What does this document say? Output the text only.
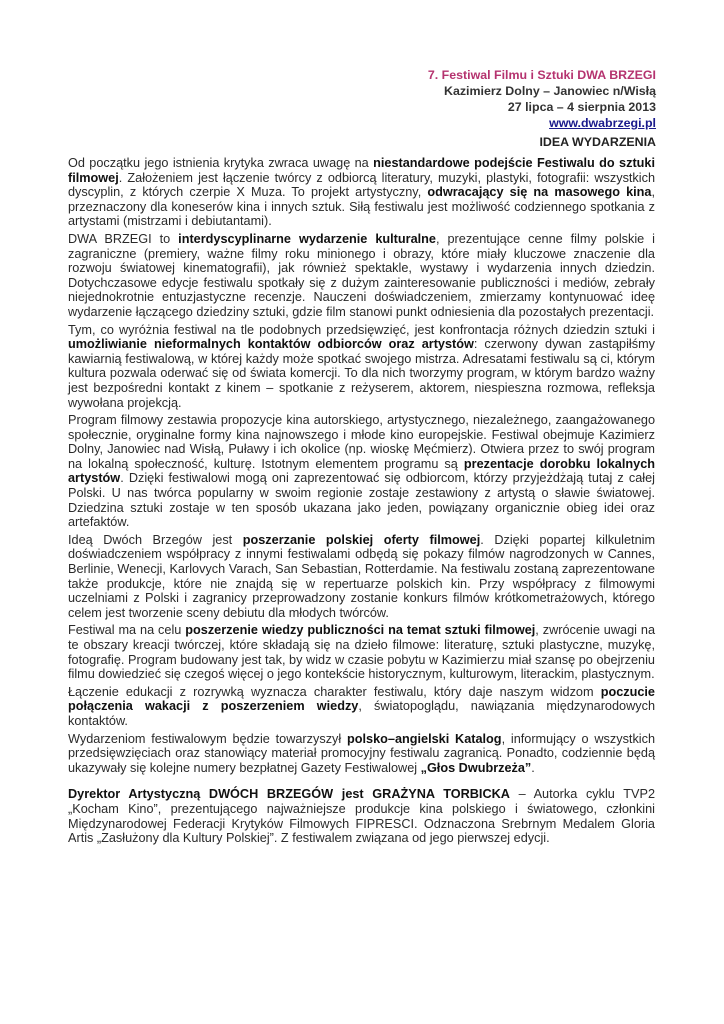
7. Festiwal Filmu i Sztuki DWA BRZEGI
Kazimierz Dolny – Janowiec n/Wisłą
27 lipca – 4 sierpnia 2013
www.dwabrzegi.pl
IDEA WYDARZENIA

Od początku jego istnienia krytyka zwraca uwagę na niestandardowe podejście Festiwalu do sztuki filmowej. Założeniem jest łączenie twórcy z odbiorcą literatury, muzyki, plastyki, fotografii: wszystkich dyscyplin, z których czerpie X Muza. To projekt artystyczny, odwracający się na masowego kina, przeznaczony dla koneserów kina i innych sztuk. Siłą festiwalu jest możliwość codziennego spotkania z artystami (mistrzami i debiutantami).

DWA BRZEGI to interdyscyplinarne wydarzenie kulturalne, prezentujące cenne filmy polskie i zagraniczne (premiery, ważne filmy roku minionego i obrazy, które miały kluczowe znaczenie dla rozwoju światowej kinematografii), jak również spektakle, wystawy i wydarzenia innych dziedzin. Dotychczasowe edycje festiwalu spotkały się z dużym zainteresowanie publiczności i mediów, zebrały niejednokrotnie entuzjastyczne recenzje. Nauczeni doświadczeniem, zmierzamy kontynuować ideę wydarzenie łączącego dziedziny sztuki, gdzie film stanowi punkt odniesienia dla pozostałych prezentacji.

Tym, co wyróżnia festiwal na tle podobnych przedsięwzięć, jest konfrontacja różnych dziedzin sztuki i umożliwianie nieformalnych kontaktów odbiorców oraz artystów: czerwony dywan zastąpiłśmy kawiarnią festiwalową, w której każdy może spotkać swojego mistrza. Adresatami festiwalu są ci, którym kultura pozwala oderwać się od świata komercji. To dla nich tworzymy program, w którym bardzo ważny jest bezpośredni kontakt z kinem – spotkanie z reżyserem, aktorem, niespieszna rozmowa, refleksja wywołana projekcją.

Program filmowy zestawia propozycje kina autorskiego, artystycznego, niezależnego, zaangażowanego społecznie, oryginalne formy kina najnowszego i młode kino europejskie. Festiwal obejmuje Kazimierz Dolny, Janowiec nad Wisłą, Puławy i ich okolice (np. wioskę Męćmierz). Otwiera przez to swój program na lokalną społeczność, kulturę. Istotnym elementem programu są prezentacje dorobku lokalnych artystów. Dzięki festiwalowi mogą oni zaprezentować się odbiorcom, którzy przyjeżdżają tutaj z całej Polski. U nas twórca popularny w swoim regionie zostaje zestawiony z artystą o sławie światowej. Dziedzina sztuki zostaje w ten sposób ukazana jako jeden, powiązany organicznie obieg idei oraz artefaktów.

Ideą Dwóch Brzegów jest poszerzanie polskiej oferty filmowej. Dzięki popartej kilkuletnim doświadczeniem współpracy z innymi festiwalami odbędą się pokazy filmów nagrodzonych w Cannes, Berlinie, Wenecji, Karlovych Varach, San Sebastian, Rotterdamie. Na festiwalu zostaną zaprezentowane także produkcje, które nie znajdą się w repertuarze polskich kin. Przy współpracy z filmowymi uczelniami z Polski i zagranicy przeprowadzony zostanie konkurs filmów krótkometrażowych, którego celem jest tworzenie sceny debiutu dla młodych twórców.

Festiwal ma na celu poszerzenie wiedzy publiczności na temat sztuki filmowej, zwrócenie uwagi na te obszary kreacji twórczej, które składają się na dzieło filmowe: literaturę, sztuki plastyczne, muzykę, fotografię. Program budowany jest tak, by widz w czasie pobytu w Kazimierzu miał szansę po obejrzeniu filmu dowiedzieć się czegoś więcej o jego kontekście historycznym, kulturowym, literackim, plastycznym.

Łączenie edukacji z rozrywką wyznacza charakter festiwalu, który daje naszym widzom poczucie połączenia wakacji z poszerzeniem wiedzy, światopoglądu, nawiązania międzynarodowych kontaktów.

Wydarzeniom festiwalowym będzie towarzyszył polsko–angielski Katalog, informujący o wszystkich przedsięwzięciach oraz stanowiący materiał promocyjny festiwalu zagranicą. Ponadto, codziennie będą ukazywały się kolejne numery bezpłatnej Gazety Festiwalowej „Głos Dwubrzeża”.

Dyrektor Artystyczną DWÓCH BRZEGÓW jest GRAŻYNA TORBICKA – Autorka cyklu TVP2 „Kocham Kino”, prezentującego najważniejsze produkcje kina polskiego i światowego, członkini Międzynarodowej Federacji Krytyków Filmowych FIPRESCI. Odznaczona Srebrnym Medalem Gloria Artis „Zasłużony dla Kultury Polskiej”. Z festiwalem związana od jego pierwszej edycji.
